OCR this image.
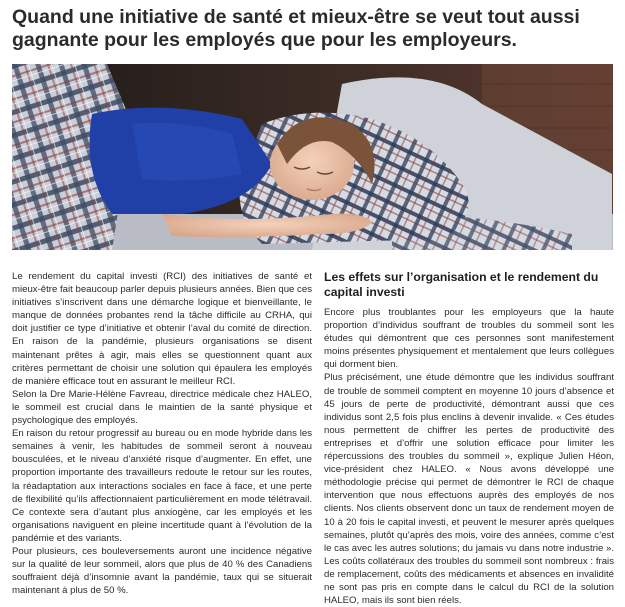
Quand une initiative de santé et mieux-être se veut tout aussi gagnante pour les employés que pour les employeurs.

Le rendement du capital investi (RCI) des initiatives de santé et mieux-être fait beaucoup parler depuis plusieurs années. Bien que ces initiatives s’inscrivent dans une démarche logique et bienveillante, le manque de données probantes rend la tâche difficile au CRHA, qui doit justifier ce type d’initiative et obtenir l’aval du comité de direction. En raison de la pandémie, plusieurs organisations se disent maintenant prêtes à agir, mais elles se questionnent quant aux critères permettant de choisir une solution qui épaulera les employés de manière efficace tout en assurant le meilleur RCI.

Selon la Dre Marie-Hélène Favreau, directrice médicale chez HALEO, le sommeil est crucial dans le maintien de la santé physique et psychologique des employés.

En raison du retour progressif au bureau ou en mode hybride dans les semaines à venir, les habitudes de sommeil seront à nouveau bousculées, et le niveau d’anxiété risque d’augmenter. En effet, une proportion importante des travailleurs redoute le retour sur les routes, la réadaptation aux interactions sociales en face à face, et une perte de flexibilité qu’ils affectionnaient particulièrement en mode télétravail. Ce contexte sera d’autant plus anxiogène, car les employés et les organisations naviguent en pleine incertitude quant à l’évolution de la pandémie et des variants.

Pour plusieurs, ces bouleversements auront une incidence négative sur la qualité de leur sommeil, alors que plus de 40 % des Canadiens souffraient déjà d’insomnie avant la pandémie, taux qui se situerait maintenant à plus de 50 %.

Les effets sur l’organisation et le rendement du capital investi

Encore plus troublantes pour les employeurs que la haute proportion d’individus souffrant de troubles du sommeil sont les études qui démontrent que ces personnes sont manifestement moins présentes physiquement et mentalement que leurs collègues qui dorment bien.

Plus précisément, une étude démontre que les individus souffrant de trouble de sommeil comptent en moyenne 10 jours d’absence et 45 jours de perte de productivité, démontrant aussi que ces individus sont 2,5 fois plus enclins à devenir invalide. « Ces études nous permettent de chiffrer les pertes de productivité des entreprises et d’offrir une solution efficace pour limiter les répercussions des troubles du sommeil », explique Julien Héon, vice-président chez HALEO. « Nous avons développé une méthodologie précise qui permet de démontrer le RCI de chaque intervention que nous effectuons auprès des employés de nos clients. Nos clients observent donc un taux de rendement moyen de 10 à 20 fois le capital investi, et peuvent le mesurer après quelques semaines, plutôt qu’après des mois, voire des années, comme c’est le cas avec les autres solutions; du jamais vu dans notre industrie ». Les coûts collatéraux des troubles du sommeil sont nombreux : frais de remplacement, coûts des médicaments et absences en invalidité ne sont pas pris en compte dans le calcul du RCI de la solution HALEO, mais ils sont bien réels.
